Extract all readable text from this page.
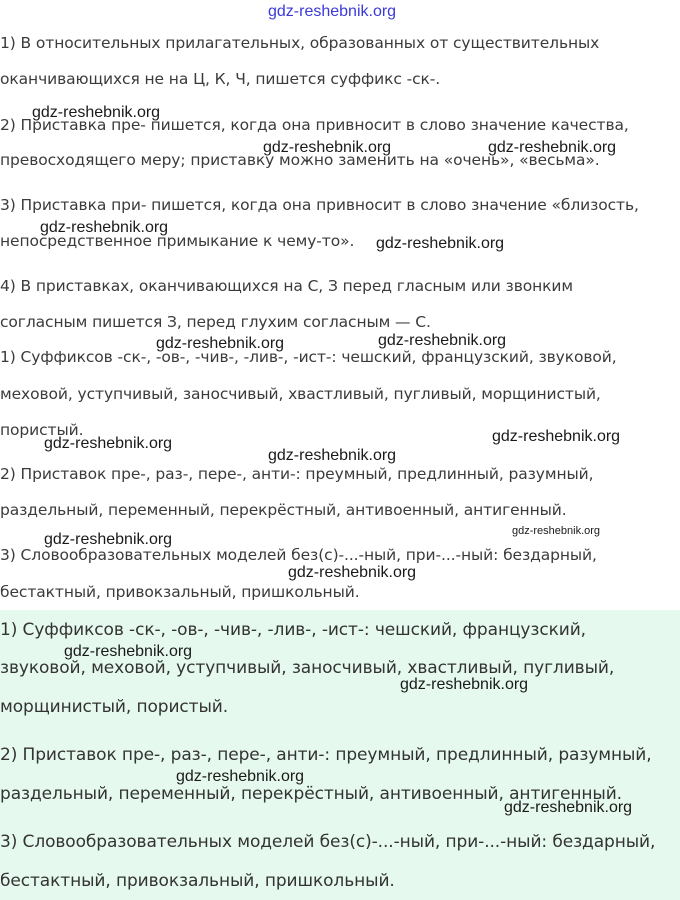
1) В относительных прилагательных, образованных от существительных
оканчивающихся не на Ц, К, Ч, пишется суффикс -ск-.
2) Приставка пре- пишется, когда она привносит в слово значение качества,
превосходящего меру; приставку можно заменить на «очень», «весьма».
3) Приставка при- пишется, когда она привносит в слово значение «близость,
непосредственное примыкание к чему-то».
4) В приставках, оканчивающихся на С, З перед гласным или звонким
согласным пишется З, перед глухим согласным — С.
1) Суффиксов -ск-, -ов-, -чив-, -лив-, -ист-: чешский, французский, звуковой,
меховой, уступчивый, заносчивый, хвастливый, пугливый, морщинистый,
пористый.
2) Приставок пре-, раз-, пере-, анти-: преумный, предлинный, разумный,
раздельный, переменный, перекрёстный, антивоенный, антигенный.
3) Словообразовательных моделей без(с)-...-ный, при-...-ный: бездарный,
бестактный, привокзальный, пришкольный.
1) Суффиксов -ск-, -ов-, -чив-, -лив-, -ист-: чешский, французский,
звуковой, меховой, уступчивый, заносчивый, хвастливый, пугливый,
морщинистый, пористый.
2) Приставок пре-, раз-, пере-, анти-: преумный, предлинный, разумный,
раздельный, переменный, перекрёстный, антивоенный, антигенный.
3) Словообразовательных моделей без(с)-...-ный, при-...-ный: бездарный,
бестактный, привокзальный, пришкольный.
gdz-reshebnik.org
gdz-reshebnik.org
gdz-reshebnik.org	gdz-reshebnik.org
gdz-reshebnik.org
gdz-reshebnik.org
gdz-reshebnik.org
gdz-reshebnik.org
gdz-reshebnik.org	gdz-reshebnik.org
gdz-reshebnik.org
gdz-reshebnik.org
gdz-reshebnik.org
gdz-reshebnik.org
gdz-reshebnik.org
gdz-reshebnik.org
gdz-reshebnik.org
gdz-reshebnik.org
